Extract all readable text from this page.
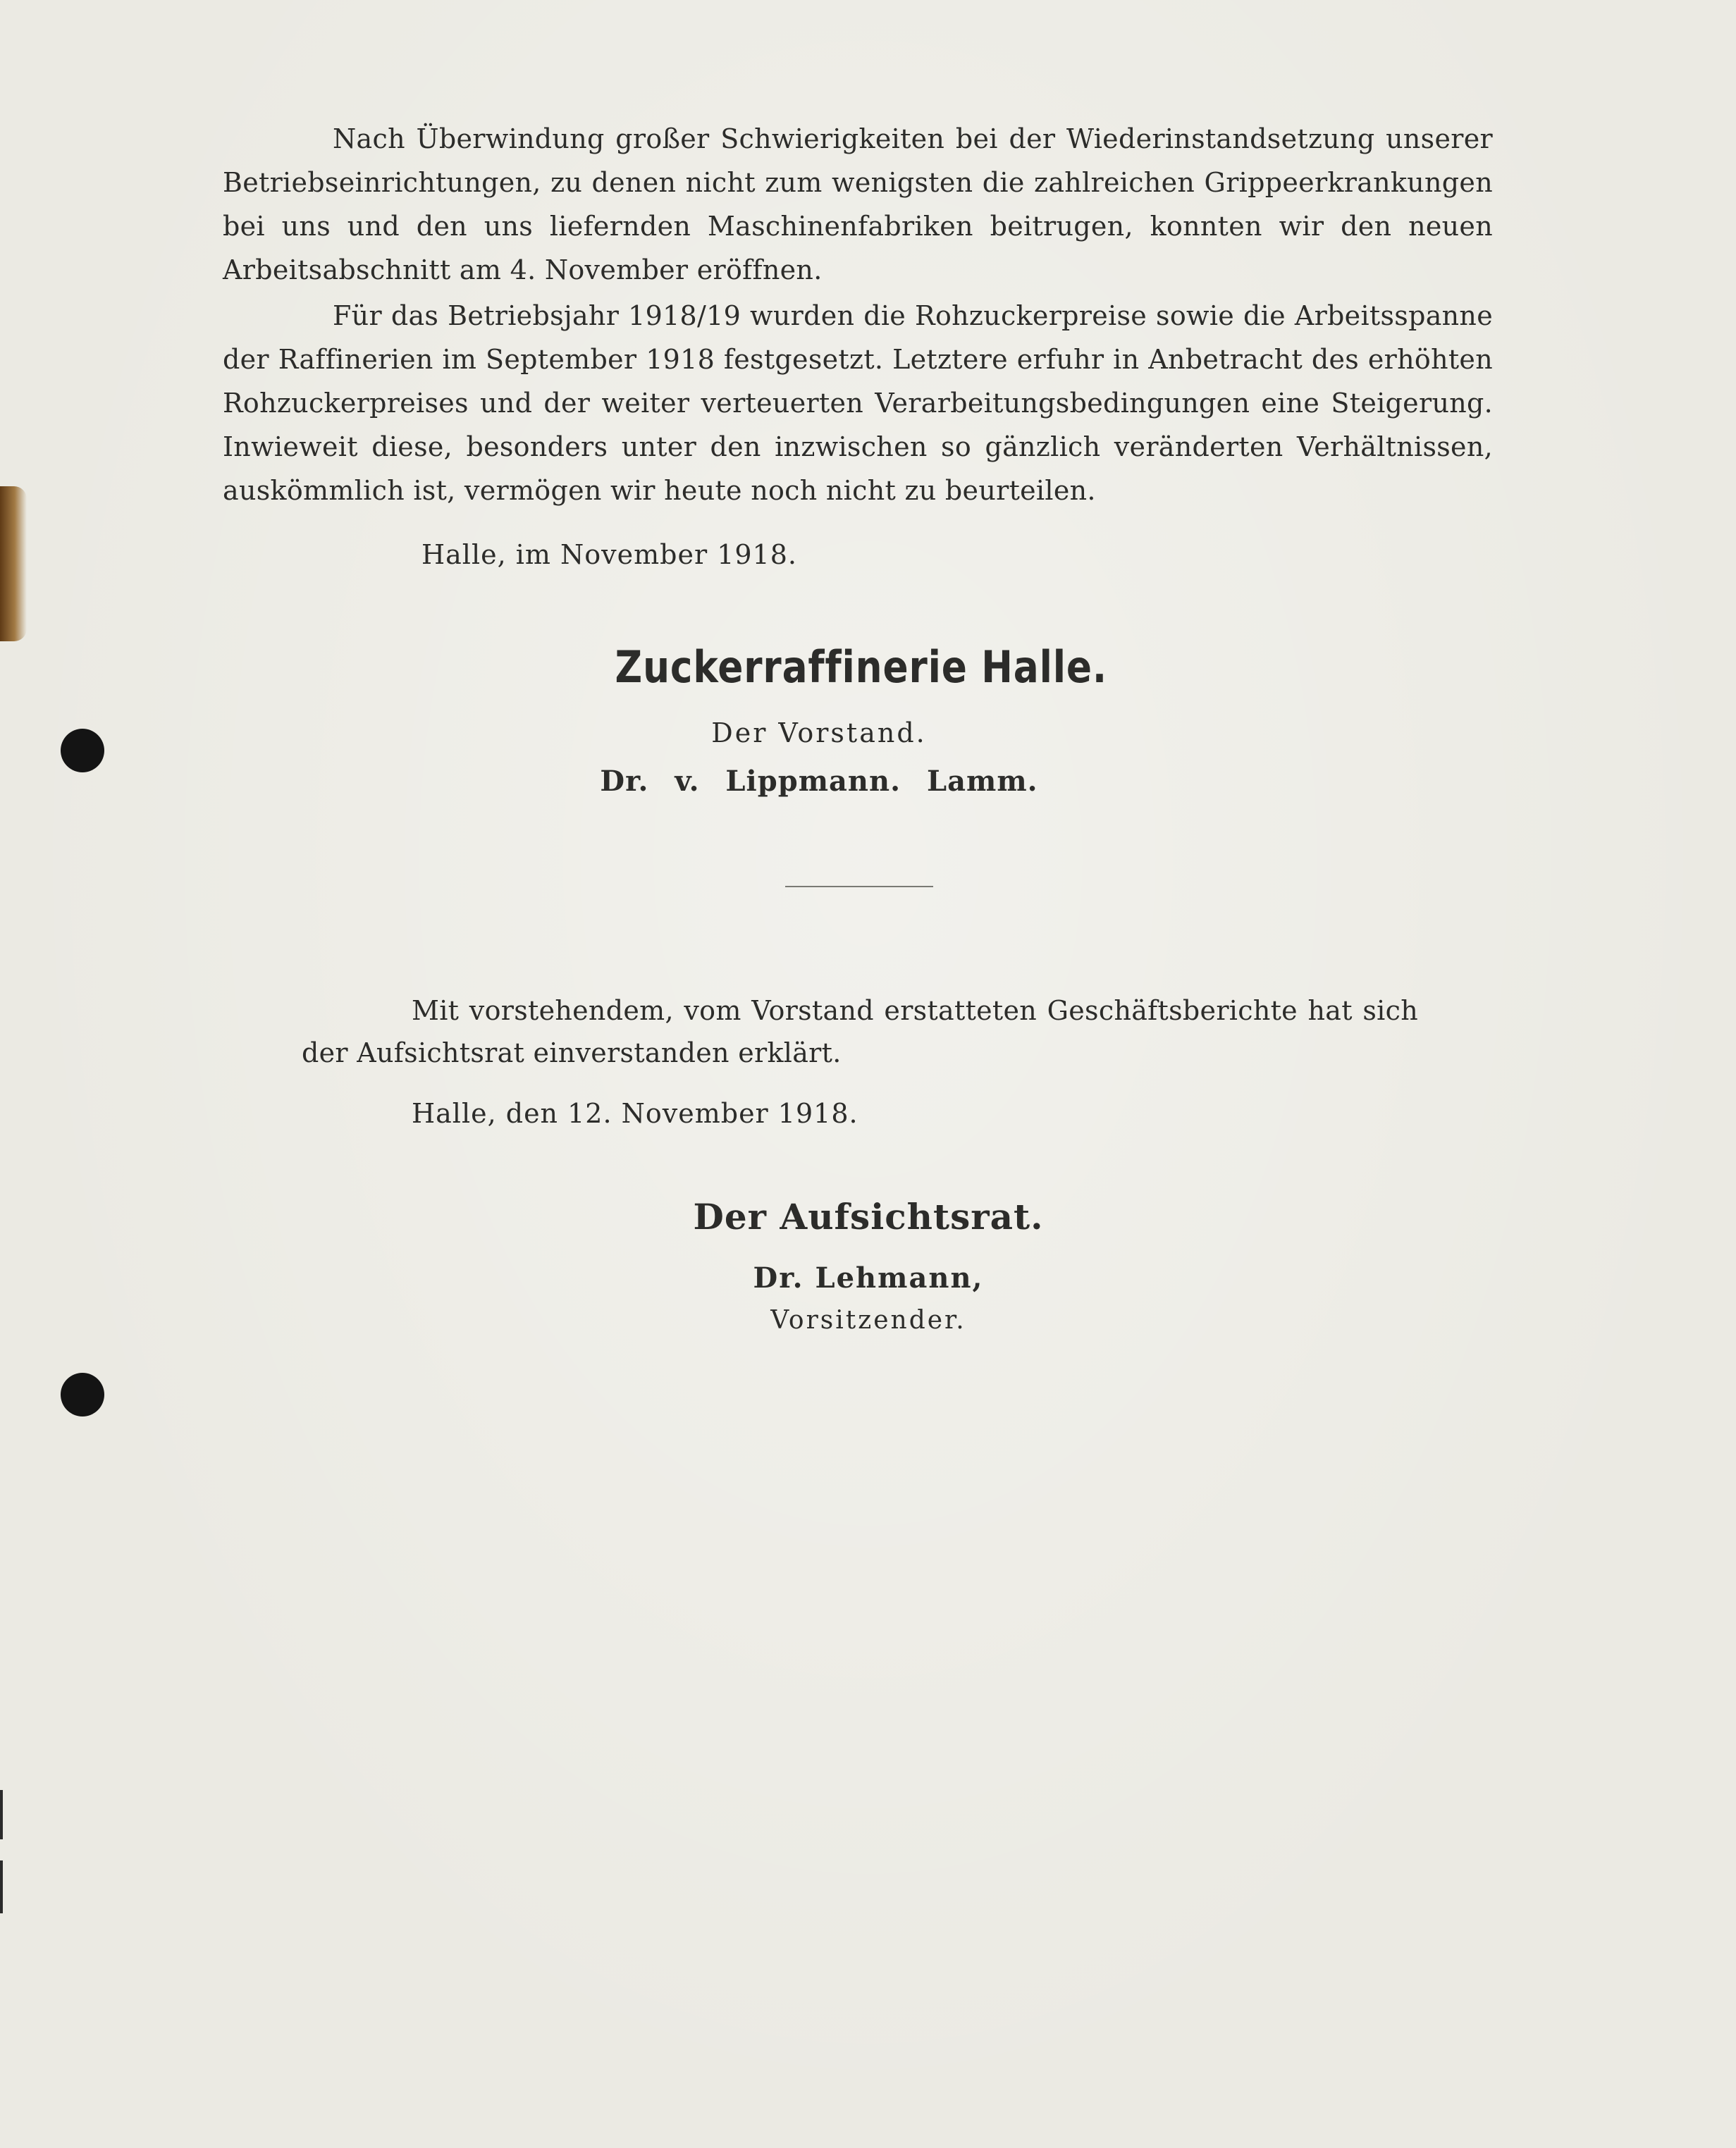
Nach Überwindung großer Schwierigkeiten bei der Wiederinstandsetzung unserer Betriebseinrichtungen, zu denen nicht zum wenigsten die zahlreichen Grippeerkrankungen bei uns und den uns liefernden Maschinenfabriken beitrugen, konnten wir den neuen Arbeitsabschnitt am 4. November eröffnen.

Für das Betriebsjahr 1918/19 wurden die Rohzuckerpreise sowie die Arbeitsspanne der Raffinerien im September 1918 festgesetzt. Letztere erfuhr in Anbetracht des erhöhten Rohzuckerpreises und der weiter verteuerten Verarbeitungsbedingungen eine Steigerung. Inwieweit diese, besonders unter den inzwischen so gänzlich veränderten Verhältnissen, auskömmlich ist, vermögen wir heute noch nicht zu beurteilen.

Halle, im November 1918.
Zuckerraffinerie Halle.
Der Vorstand.
Dr. v. Lippmann. Lamm.

Mit vorstehendem, vom Vorstand erstatteten Geschäftsberichte hat sich der Aufsichtsrat einverstanden erklärt.

Halle, den 12. November 1918.
Der Aufsichtsrat.
Dr. Lehmann,
Vorsitzender.
